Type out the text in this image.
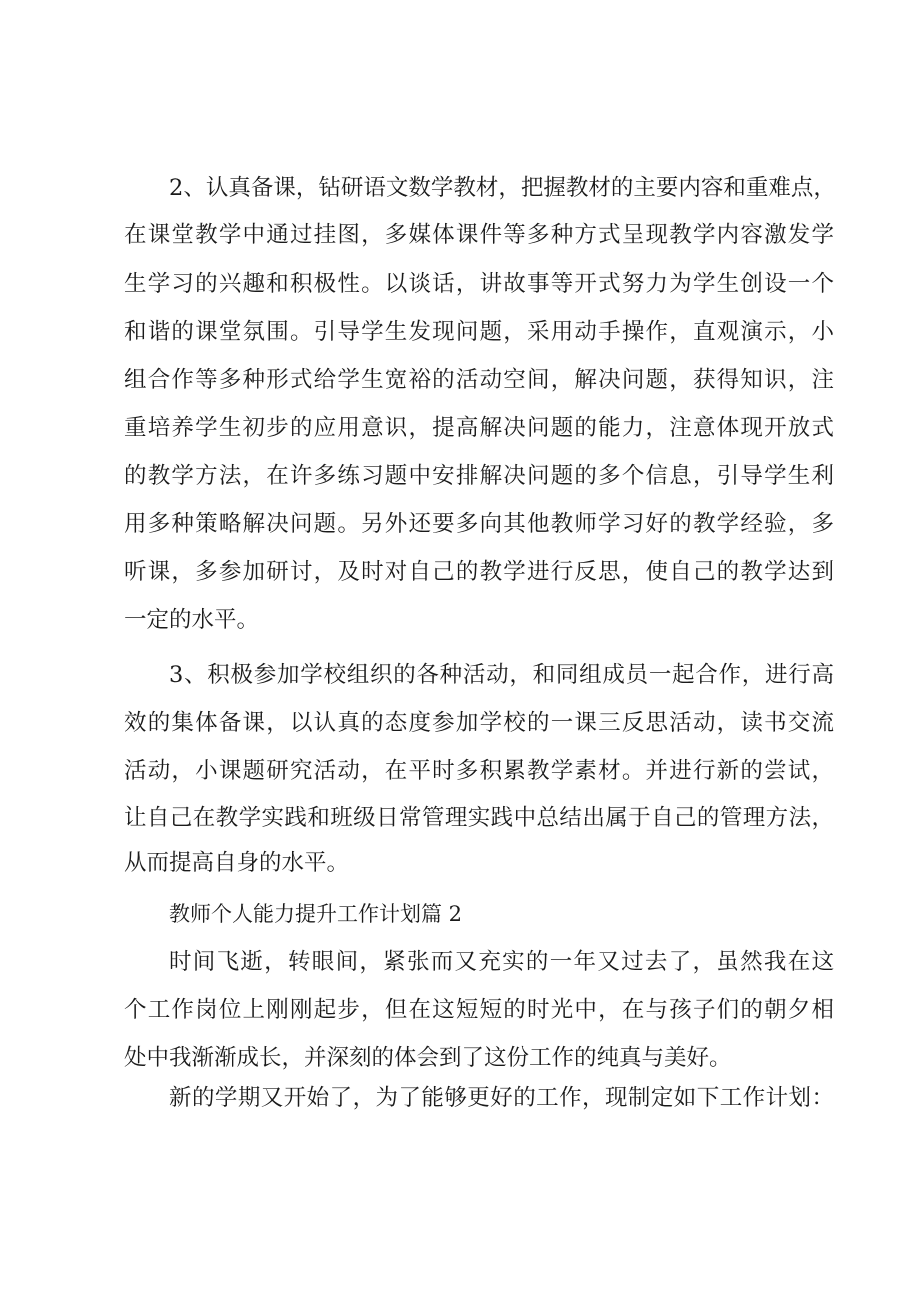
2、认真备课，钻研语文数学教材，把握教材的主要内容和重难点，
在课堂教学中通过挂图，多媒体课件等多种方式呈现教学内容激发学
生学习的兴趣和积极性。以谈话，讲故事等开式努力为学生创设一个
和谐的课堂氛围。引导学生发现问题，采用动手操作，直观演示，小
组合作等多种形式给学生宽裕的活动空间，解决问题，获得知识，注
重培养学生初步的应用意识，提高解决问题的能力，注意体现开放式
的教学方法，在许多练习题中安排解决问题的多个信息，引导学生利
用多种策略解决问题。另外还要多向其他教师学习好的教学经验，多
听课，多参加研讨，及时对自己的教学进行反思，使自己的教学达到
一定的水平。
3、积极参加学校组织的各种活动，和同组成员一起合作，进行高
效的集体备课，以认真的态度参加学校的一课三反思活动，读书交流
活动，小课题研究活动，在平时多积累教学素材。并进行新的尝试，
让自己在教学实践和班级日常管理实践中总结出属于自己的管理方法，
从而提高自身的水平。
教师个人能力提升工作计划篇 2
时间飞逝，转眼间，紧张而又充实的一年又过去了，虽然我在这
个工作岗位上刚刚起步，但在这短短的时光中，在与孩子们的朝夕相
处中我渐渐成长，并深刻的体会到了这份工作的纯真与美好。
新的学期又开始了，为了能够更好的工作，现制定如下工作计划：
